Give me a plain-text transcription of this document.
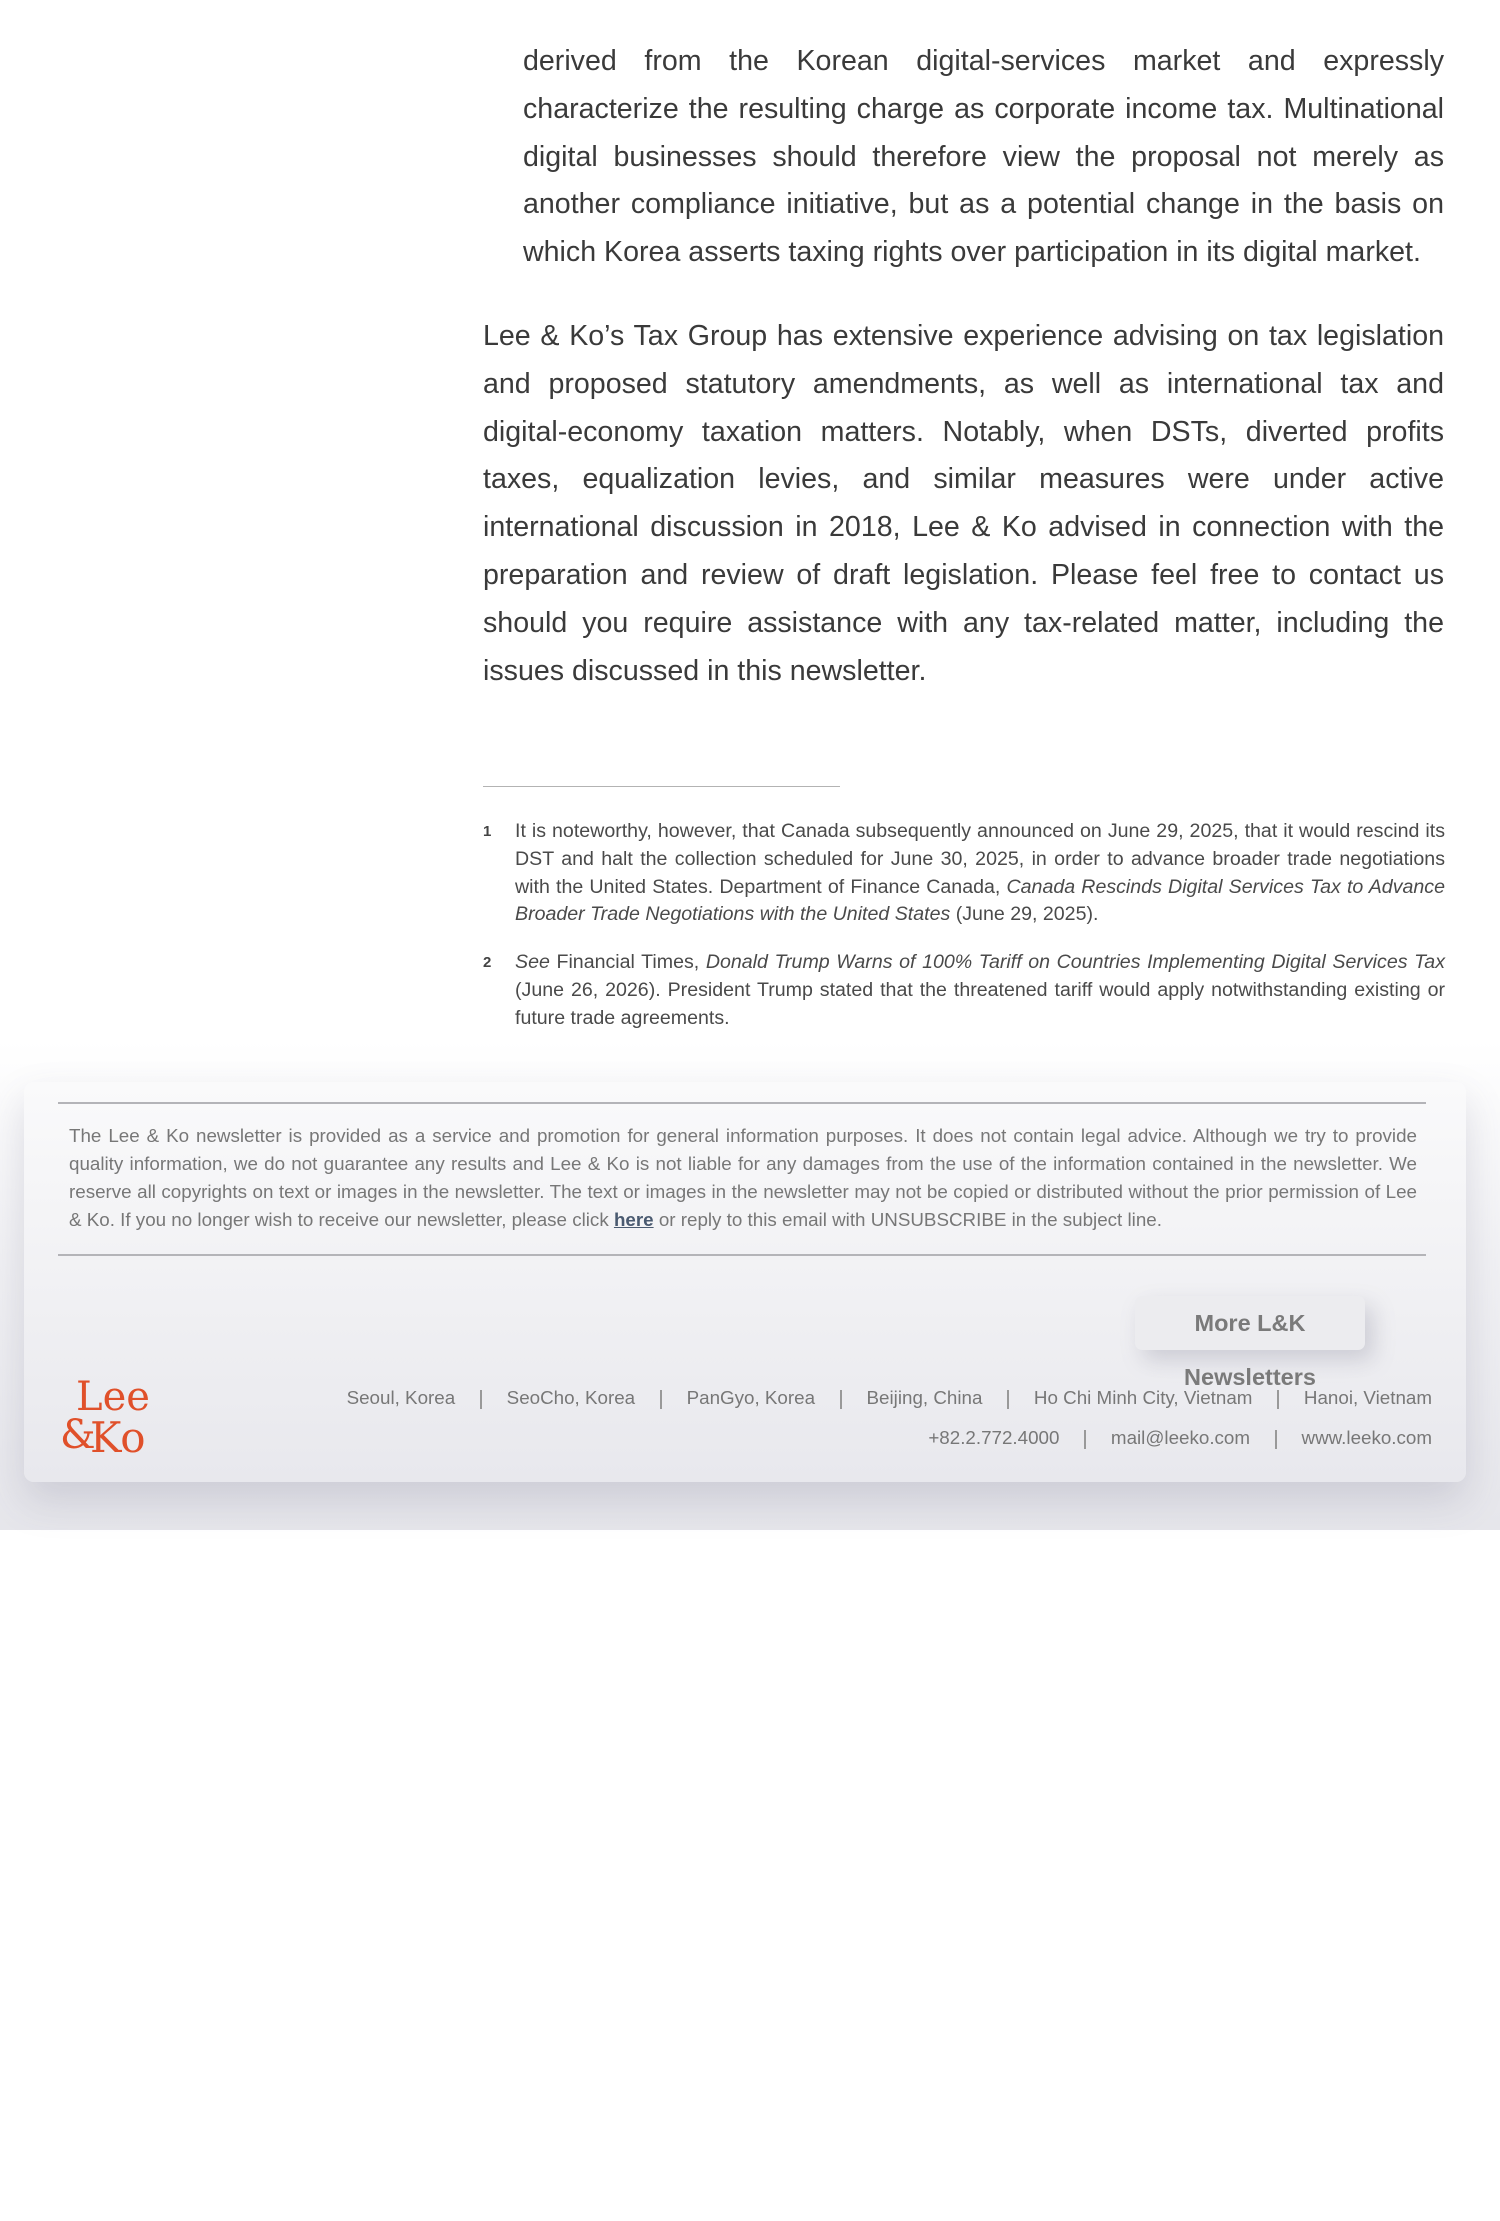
derived from the Korean digital-services market and expressly characterize the resulting charge as corporate income tax. Multinational digital businesses should therefore view the proposal not merely as another compliance initiative, but as a potential change in the basis on which Korea asserts taxing rights over participation in its digital market.
Lee & Ko’s Tax Group has extensive experience advising on tax legislation and proposed statutory amendments, as well as international tax and digital-economy taxation matters. Notably, when DSTs, diverted profits taxes, equalization levies, and similar measures were under active international discussion in 2018, Lee & Ko advised in connection with the preparation and review of draft legislation. Please feel free to contact us should you require assistance with any tax-related matter, including the issues discussed in this newsletter.
1 It is noteworthy, however, that Canada subsequently announced on June 29, 2025, that it would rescind its DST and halt the collection scheduled for June 30, 2025, in order to advance broader trade negotiations with the United States. Department of Finance Canada, Canada Rescinds Digital Services Tax to Advance Broader Trade Negotiations with the United States (June 29, 2025).
2 See Financial Times, Donald Trump Warns of 100% Tariff on Countries Implementing Digital Services Tax (June 26, 2026). President Trump stated that the threatened tariff would apply notwithstanding existing or future trade agreements.
The Lee & Ko newsletter is provided as a service and promotion for general information purposes. It does not contain legal advice. Although we try to provide quality information, we do not guarantee any results and Lee & Ko is not liable for any damages from the use of the information contained in the newsletter. We reserve all copyrights on text or images in the newsletter. The text or images in the newsletter may not be copied or distributed without the prior permission of Lee & Ko. If you no longer wish to receive our newsletter, please click here or reply to this email with UNSUBSCRIBE in the subject line.
More L&K Newsletters
Lee
&
Ko
Seoul, Korea	SeoCho, Korea	PanGyo, Korea	Beijing, China	Ho Chi Minh City, Vietnam	Hanoi, Vietnam
+82.2.772.4000	mail@leeko.com	www.leeko.com
